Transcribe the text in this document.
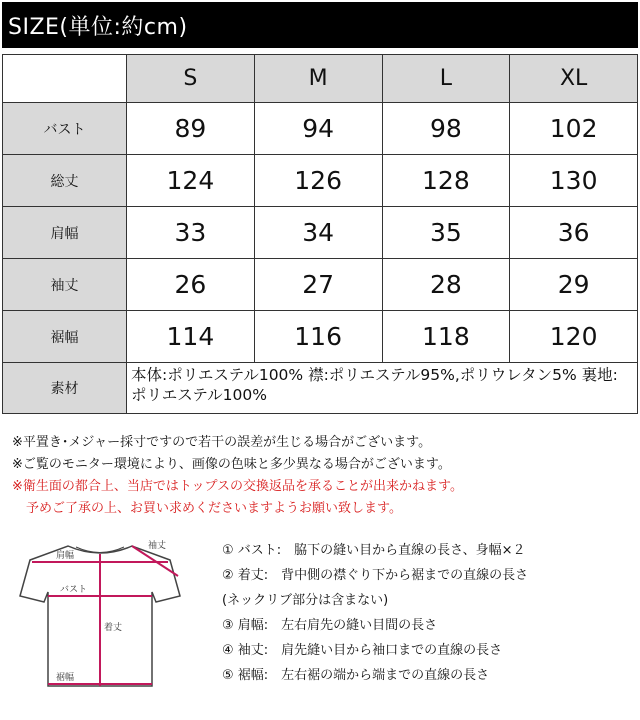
SIZE(単位:約cm)
	S	M	L	XL
バスト	89	94	98	102
総丈	124	126	128	130
肩幅	33	34	35	36
袖丈	26	27	28	29
裾幅	114	116	118	120
素材	本体:ポリエステル100% 襟:ポリエステル95%,ポリウレタン5% 裏地:ポリエステル100%			
※平置き･メジャー採寸ですので若干の誤差が生じる場合がございます。
※ご覧のモニター環境により、画像の色味と多少異なる場合がございます。
※衛生面の都合上、当店ではトップスの交換返品を承ることが出来かねます。
予めご了承の上、お買い求めくださいますようお願い致します。
肩幅
袖丈
バスト
着丈
裾幅
① バスト:　脇下の縫い目から直線の長さ、身幅×２
② 着丈:　背中側の襟ぐり下から裾までの直線の長さ
(ネックリブ部分は含まない)
③ 肩幅:　左右肩先の縫い目間の長さ
④ 袖丈:　肩先縫い目から袖口までの直線の長さ
⑤ 裾幅:　左右裾の端から端までの直線の長さ
